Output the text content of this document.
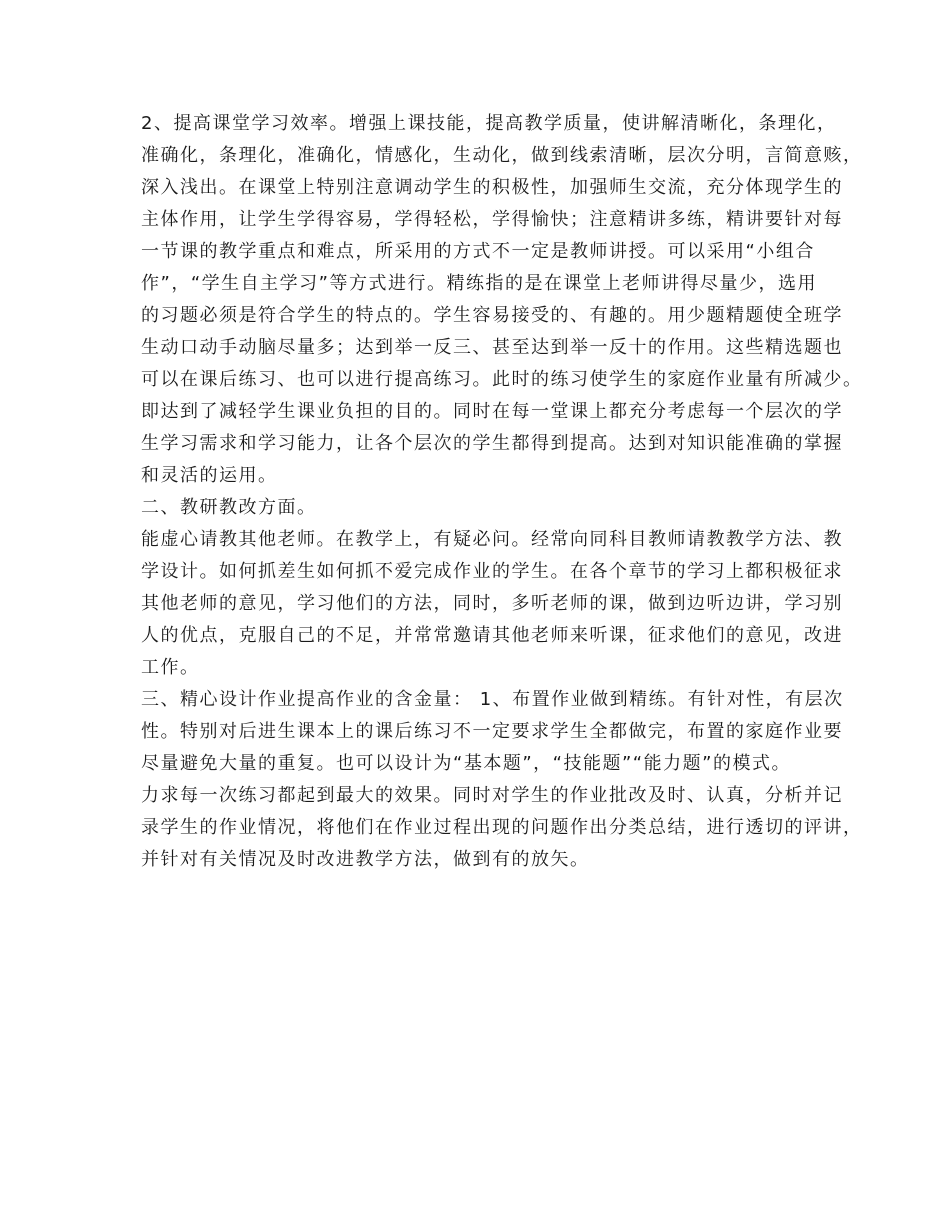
2、提高课堂学习效率。增强上课技能，提高教学质量，使讲解清晰化，条理化，
准确化，条理化，准确化，情感化，生动化，做到线索清晰，层次分明，言简意赅，
深入浅出。在课堂上特别注意调动学生的积极性，加强师生交流，充分体现学生的
主体作用，让学生学得容易，学得轻松，学得愉快；注意精讲多练，精讲要针对每
一节课的教学重点和难点，所采用的方式不一定是教师讲授。可以采用“小组合
作”，“学生自主学习”等方式进行。精练指的是在课堂上老师讲得尽量少，选用
的习题必须是符合学生的特点的。学生容易接受的、有趣的。用少题精题使全班学
生动口动手动脑尽量多；达到举一反三、甚至达到举一反十的作用。这些精选题也
可以在课后练习、也可以进行提高练习。此时的练习使学生的家庭作业量有所减少。
即达到了减轻学生课业负担的目的。同时在每一堂课上都充分考虑每一个层次的学
生学习需求和学习能力，让各个层次的学生都得到提高。达到对知识能准确的掌握
和灵活的运用。
二、教研教改方面。
能虚心请教其他老师。在教学上，有疑必问。经常向同科目教师请教教学方法、教
学设计。如何抓差生如何抓不爱完成作业的学生。在各个章节的学习上都积极征求
其他老师的意见，学习他们的方法，同时，多听老师的课，做到边听边讲，学习别
人的优点，克服自己的不足，并常常邀请其他老师来听课，征求他们的意见，改进
工作。
三、精心设计作业提高作业的含金量： 1、布置作业做到精练。有针对性，有层次
性。特别对后进生课本上的课后练习不一定要求学生全都做完，布置的家庭作业要
尽量避免大量的重复。也可以设计为“基本题”，“技能题”“能力题”的模式。
力求每一次练习都起到最大的效果。同时对学生的作业批改及时、认真，分析并记
录学生的作业情况，将他们在作业过程出现的问题作出分类总结，进行透切的评讲，
并针对有关情况及时改进教学方法，做到有的放矢。
